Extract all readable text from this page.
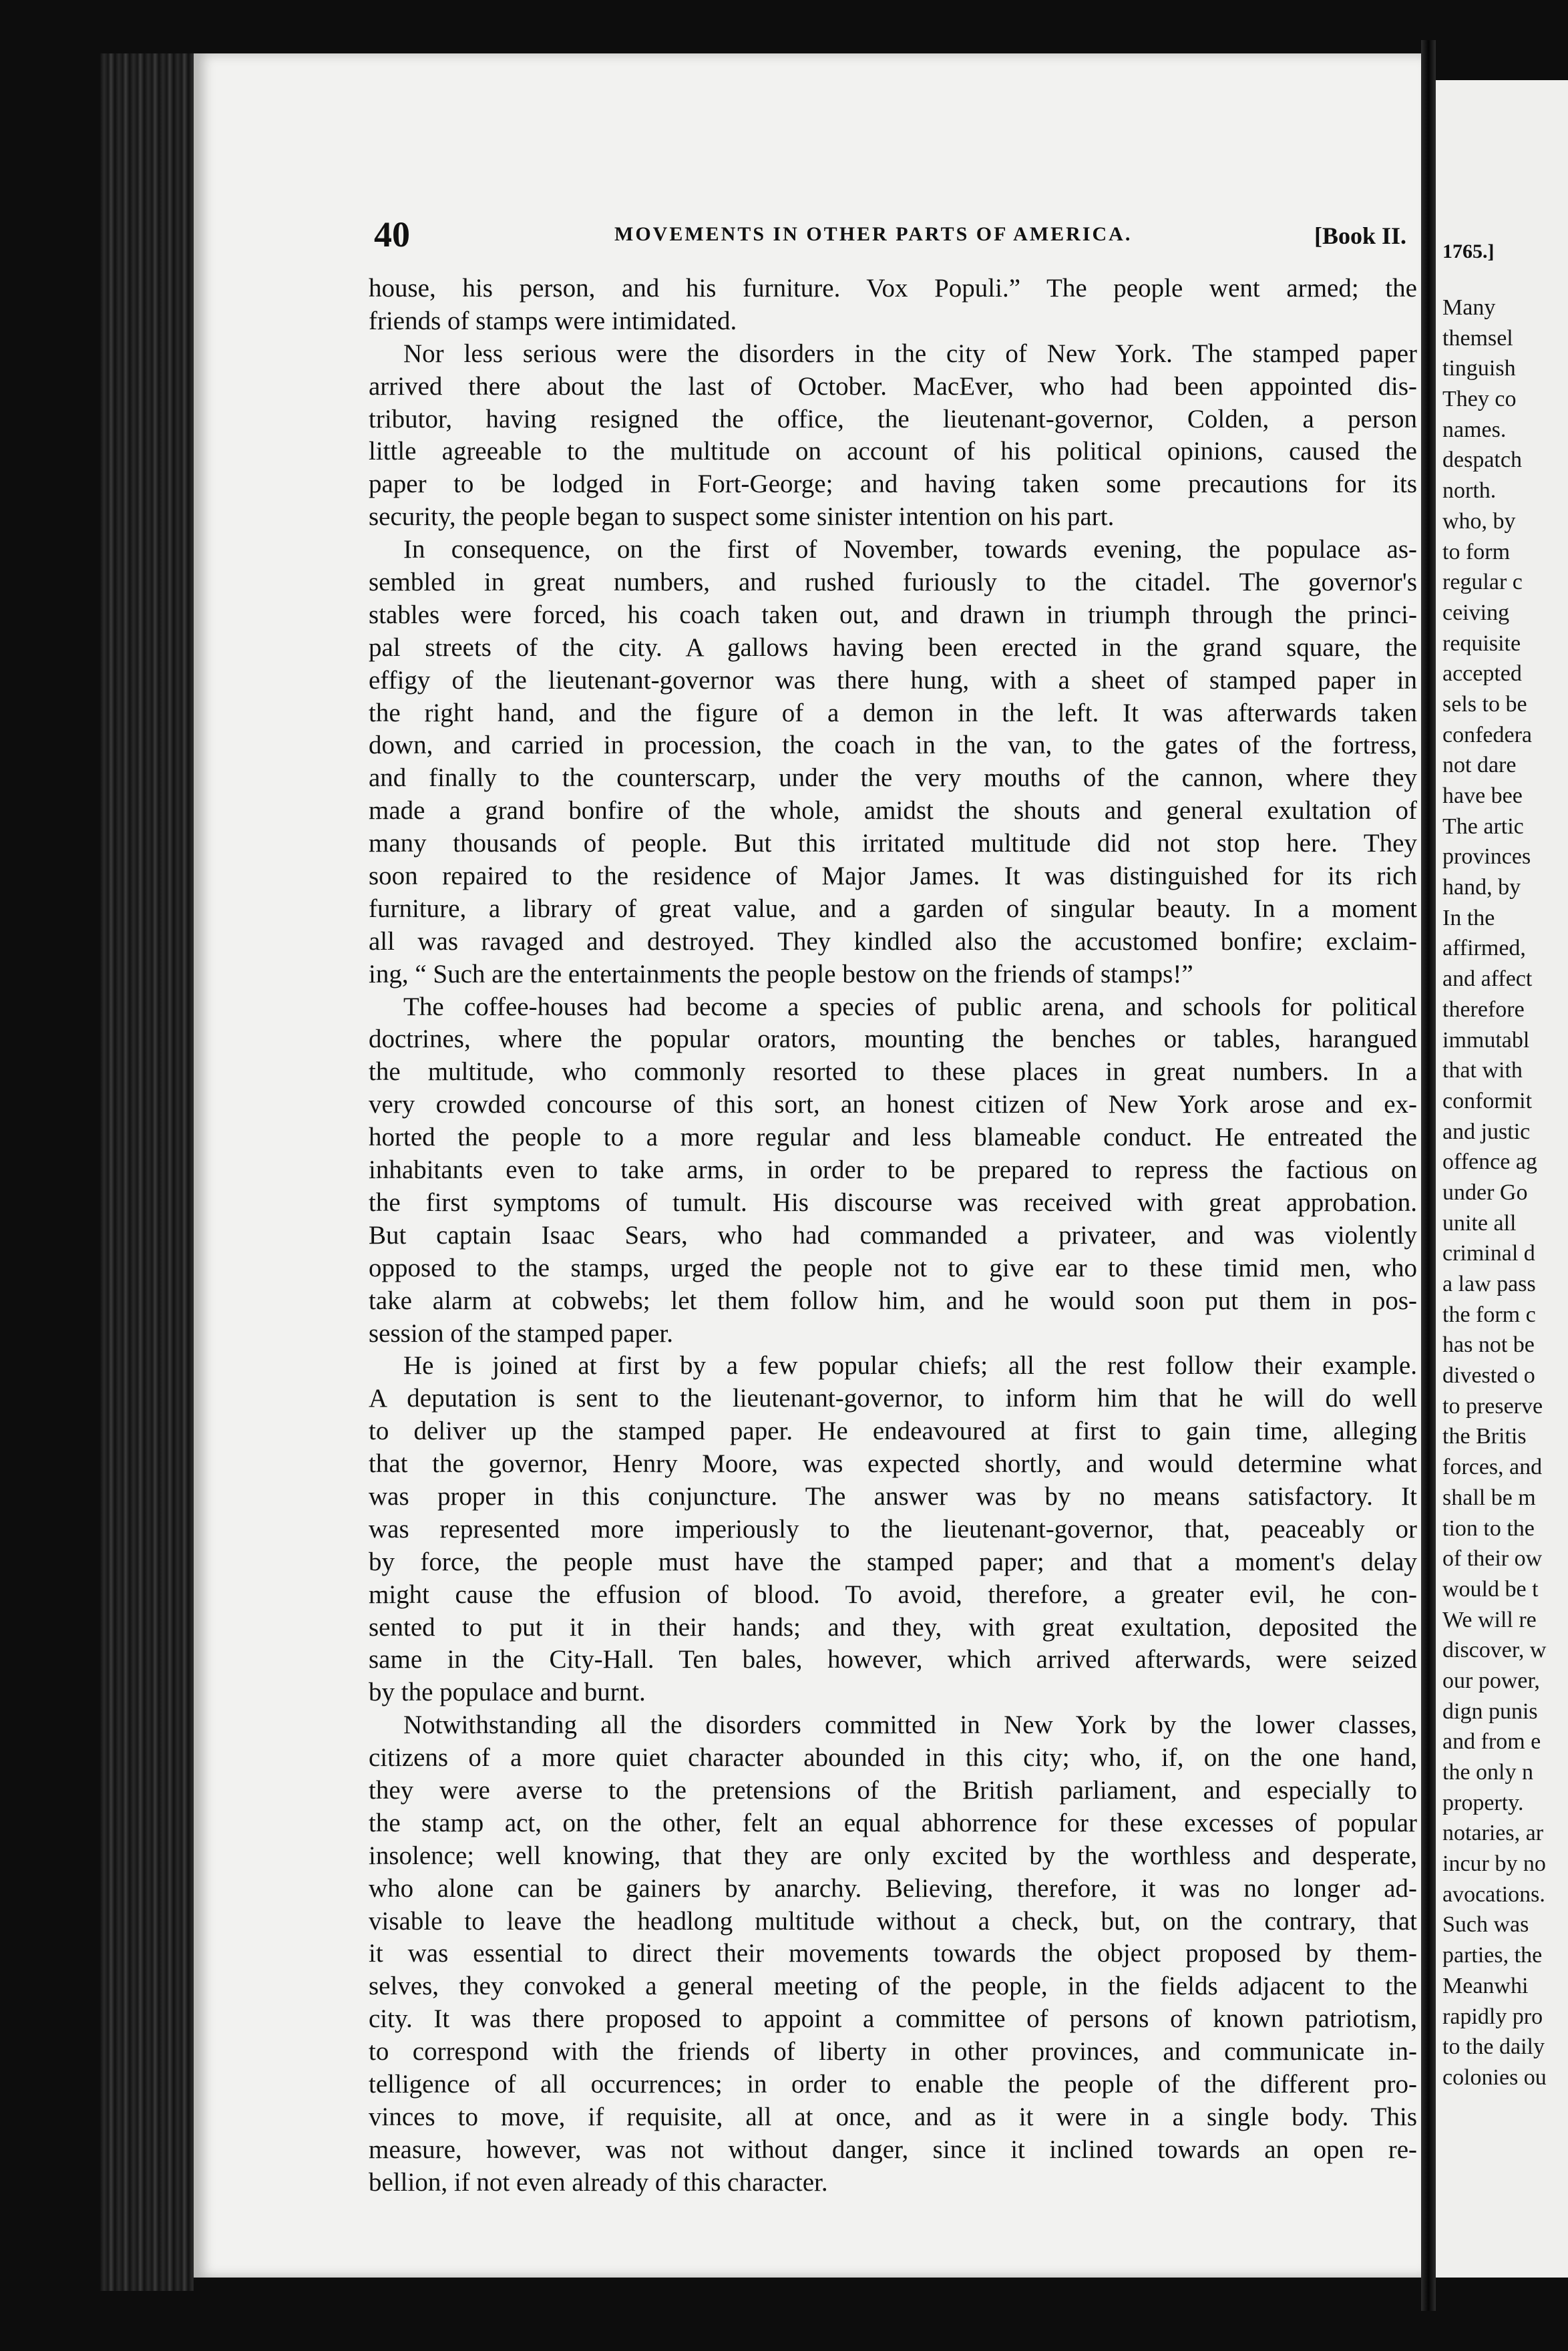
1765.]
Many
themsel
tinguish
They co
names.
despatch
north.
who, by
to form
regular c
ceiving
requisite
accepted
sels to be
confedera
not dare
have bee
The artic
provinces
hand, by
In the
affirmed,
and affect
therefore
immutabl
that with
conformit
and justic
offence ag
under Go
unite all
criminal d
a law pass
the form c
has not be
divested o
to preserve
the Britis
forces, and
shall be m
tion to the
of their ow
would be t
We will re
discover, w
our power,
dign punis
and from e
the only n
property.
notaries, ar
incur by no
avocations.
Such was
parties, the
Meanwhi
rapidly pro
to the daily
colonies ou
40	MOVEMENTS IN OTHER PARTS OF AMERICA.	[Book II.
house, his person, and his furniture. Vox Populi.” The people went armed; the
friends of stamps were intimidated.
Nor less serious were the disorders in the city of New York. The stamped paper
arrived there about the last of October. MacEver, who had been appointed dis-
tributor, having resigned the office, the lieutenant-governor, Colden, a person
little agreeable to the multitude on account of his political opinions, caused the
paper to be lodged in Fort-George; and having taken some precautions for its
security, the people began to suspect some sinister intention on his part.
In consequence, on the first of November, towards evening, the populace as-
sembled in great numbers, and rushed furiously to the citadel. The governor's
stables were forced, his coach taken out, and drawn in triumph through the princi-
pal streets of the city. A gallows having been erected in the grand square, the
effigy of the lieutenant-governor was there hung, with a sheet of stamped paper in
the right hand, and the figure of a demon in the left. It was afterwards taken
down, and carried in procession, the coach in the van, to the gates of the fortress,
and finally to the counterscarp, under the very mouths of the cannon, where they
made a grand bonfire of the whole, amidst the shouts and general exultation of
many thousands of people. But this irritated multitude did not stop here. They
soon repaired to the residence of Major James. It was distinguished for its rich
furniture, a library of great value, and a garden of singular beauty. In a moment
all was ravaged and destroyed. They kindled also the accustomed bonfire; exclaim-
ing, “ Such are the entertainments the people bestow on the friends of stamps!”
The coffee-houses had become a species of public arena, and schools for political
doctrines, where the popular orators, mounting the benches or tables, harangued
the multitude, who commonly resorted to these places in great numbers. In a
very crowded concourse of this sort, an honest citizen of New York arose and ex-
horted the people to a more regular and less blameable conduct. He entreated the
inhabitants even to take arms, in order to be prepared to repress the factious on
the first symptoms of tumult. His discourse was received with great approbation.
But captain Isaac Sears, who had commanded a privateer, and was violently
opposed to the stamps, urged the people not to give ear to these timid men, who
take alarm at cobwebs; let them follow him, and he would soon put them in pos-
session of the stamped paper.
He is joined at first by a few popular chiefs; all the rest follow their example.
A deputation is sent to the lieutenant-governor, to inform him that he will do well
to deliver up the stamped paper. He endeavoured at first to gain time, alleging
that the governor, Henry Moore, was expected shortly, and would determine what
was proper in this conjuncture. The answer was by no means satisfactory. It
was represented more imperiously to the lieutenant-governor, that, peaceably or
by force, the people must have the stamped paper; and that a moment's delay
might cause the effusion of blood. To avoid, therefore, a greater evil, he con-
sented to put it in their hands; and they, with great exultation, deposited the
same in the City-Hall. Ten bales, however, which arrived afterwards, were seized
by the populace and burnt.
Notwithstanding all the disorders committed in New York by the lower classes,
citizens of a more quiet character abounded in this city; who, if, on the one hand,
they were averse to the pretensions of the British parliament, and especially to
the stamp act, on the other, felt an equal abhorrence for these excesses of popular
insolence; well knowing, that they are only excited by the worthless and desperate,
who alone can be gainers by anarchy. Believing, therefore, it was no longer ad-
visable to leave the headlong multitude without a check, but, on the contrary, that
it was essential to direct their movements towards the object proposed by them-
selves, they convoked a general meeting of the people, in the fields adjacent to the
city. It was there proposed to appoint a committee of persons of known patriotism,
to correspond with the friends of liberty in other provinces, and communicate in-
telligence of all occurrences; in order to enable the people of the different pro-
vinces to move, if requisite, all at once, and as it were in a single body. This
measure, however, was not without danger, since it inclined towards an open re-
bellion, if not even already of this character.
